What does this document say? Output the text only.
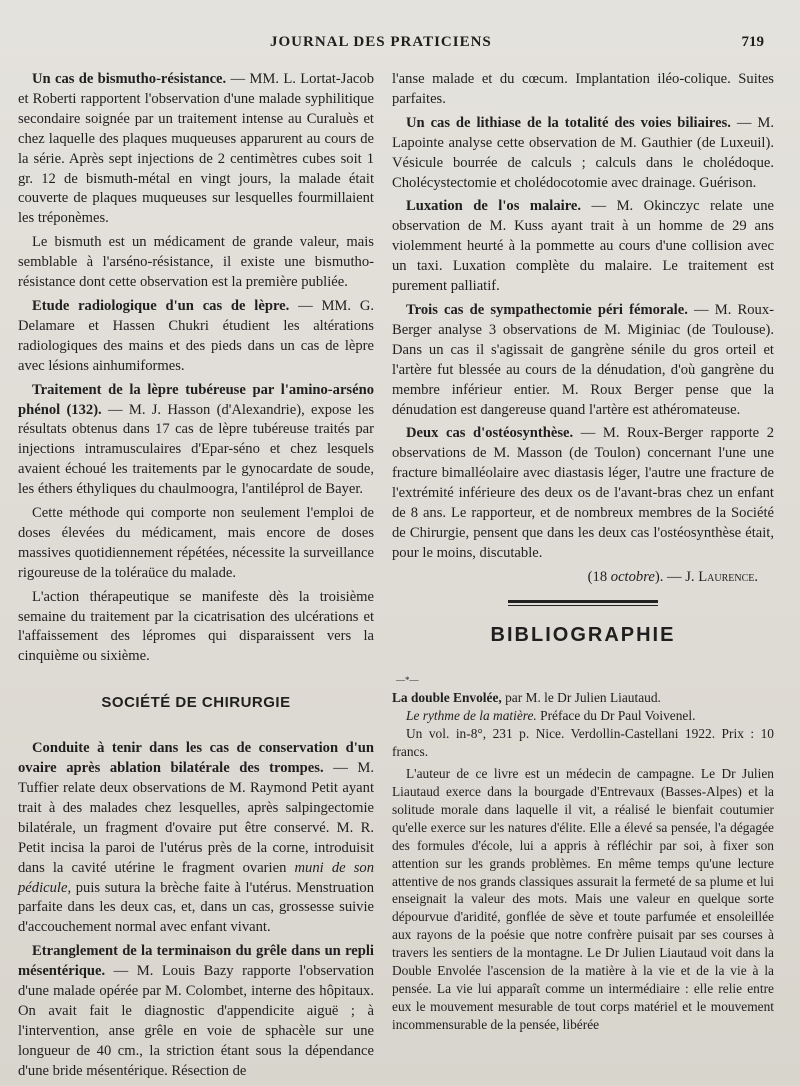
JOURNAL DES PRATICIENS	719

Un cas de bismutho-résistance. — MM. L. Lortat-Jacob et Roberti rapportent l'observation d'une malade syphilitique secondaire soignée par un traitement intense au Curaluès et chez laquelle des plaques muqueuses apparurent au cours de la série. Après sept injections de 2 centimètres cubes soit 1 gr. 12 de bismuth-métal en vingt jours, la malade était couverte de plaques muqueuses sur lesquelles fourmillaient les tréponèmes.

Le bismuth est un médicament de grande valeur, mais semblable à l'arséno-résistance, il existe une bismutho-résistance dont cette observation est la première publiée.

Etude radiologique d'un cas de lèpre. — MM. G. Delamare et Hassen Chukri étudient les altérations radiologiques des mains et des pieds dans un cas de lèpre avec lésions ainhumiformes.

Traitement de la lèpre tubéreuse par l'amino-arséno phénol (132). — M. J. Hasson (d'Alexandrie), expose les résultats obtenus dans 17 cas de lèpre tubéreuse traités par injections intramusculaires d'Epar-séno et chez lesquels avaient échoué les traitements par le gynocardate de soude, les éthers éthyliques du chaulmoogra, l'antiléprol de Bayer.

Cette méthode qui comporte non seulement l'emploi de doses élevées du médicament, mais encore de doses massives quotidiennement répétées, nécessite la surveillance rigoureuse de la toléraüce du malade.

L'action thérapeutique se manifeste dès la troisième semaine du traitement par la cicatrisation des ulcérations et l'affaissement des lépromes qui disparaissent vers la cinquième ou sixième.

SOCIÉTÉ DE CHIRURGIE

Conduite à tenir dans les cas de conservation d'un ovaire après ablation bilatérale des trompes. — M. Tuffier relate deux observations de M. Raymond Petit ayant trait à des malades chez lesquelles, après salpingectomie bilatérale, un fragment d'ovaire put être conservé. M. R. Petit incisa la paroi de l'utérus près de la corne, introduisit dans la cavité utérine le fragment ovarien muni de son pédicule, puis sutura la brèche faite à l'utérus. Menstruation parfaite dans les deux cas, et, dans un cas, grossesse suivie d'accouchement normal avec enfant vivant.

Etranglement de la terminaison du grêle dans un repli mésentérique. — M. Louis Bazy rapporte l'observation d'une malade opérée par M. Colombet, interne des hôpitaux. On avait fait le diagnostic d'appendicite aiguë ; à l'intervention, anse grêle en voie de sphacèle sur une longueur de 40 cm., la striction étant sous la dépendance d'une bride mésentérique. Résection de

l'anse malade et du cœcum. Implantation iléo-colique. Suites parfaites.

Un cas de lithiase de la totalité des voies biliaires. — M. Lapointe analyse cette observation de M. Gauthier (de Luxeuil). Vésicule bourrée de calculs ; calculs dans le cholédoque. Cholécystectomie et cholédocotomie avec drainage. Guérison.

Luxation de l'os malaire. — M. Okinczyc relate une observation de M. Kuss ayant trait à un homme de 29 ans violemment heurté à la pommette au cours d'une collision avec un taxi. Luxation complète du malaire. Le traitement est purement palliatif.

Trois cas de sympathectomie péri fémorale. — M. Roux-Berger analyse 3 observations de M. Miginiac (de Toulouse). Dans un cas il s'agissait de gangrène sénile du gros orteil et l'artère fut blessée au cours de la dénudation, d'où gangrène du membre inférieur entier. M. Roux Berger pense que la dénudation est dangereuse quand l'artère est athéromateuse.

Deux cas d'ostéosynthèse. — M. Roux-Berger rapporte 2 observations de M. Masson (de Toulon) concernant l'une une fracture bimalléolaire avec diastasis léger, l'autre une fracture de l'extrémité inférieure des deux os de l'avant-bras chez un enfant de 8 ans. Le rapporteur, et de nombreux membres de la Société de Chirurgie, pensent que dans les deux cas l'ostéosynthèse était, pour le moins, discutable.

(18 octobre). — J. Laurence.

BIBLIOGRAPHIE

—*—

La double Envolée, par M. le Dr Julien Liautaud.

Le rythme de la matière. Préface du Dr Paul Voivenel.

Un vol. in-8°, 231 p. Nice. Verdollin-Castellani 1922. Prix : 10 francs.

L'auteur de ce livre est un médecin de campagne. Le Dr Julien Liautaud exerce dans la bourgade d'Entrevaux (Basses-Alpes) et la solitude morale dans laquelle il vit, a réalisé le bienfait coutumier qu'elle exerce sur les natures d'élite. Elle a élevé sa pensée, l'a dégagée des formules d'école, lui a appris à réfléchir par soi, à fixer son attention sur les grands problèmes. En même temps qu'une lecture attentive de nos grands classiques assurait la fermeté de sa plume et lui enseignait la valeur des mots. Mais une valeur en quelque sorte dépourvue d'aridité, gonflée de sève et toute parfumée et ensoleillée aux rayons de la poésie que notre confrère puisait par ses courses à travers les sentiers de la montagne. Le Dr Julien Liautaud voit dans la Double Envolée l'ascension de la matière à la vie et de la vie à la pensée. La vie lui apparaît comme un intermédiaire : elle relie entre eux le mouvement mesurable de tout corps matériel et le mouvement incommensurable de la pensée, libérée
